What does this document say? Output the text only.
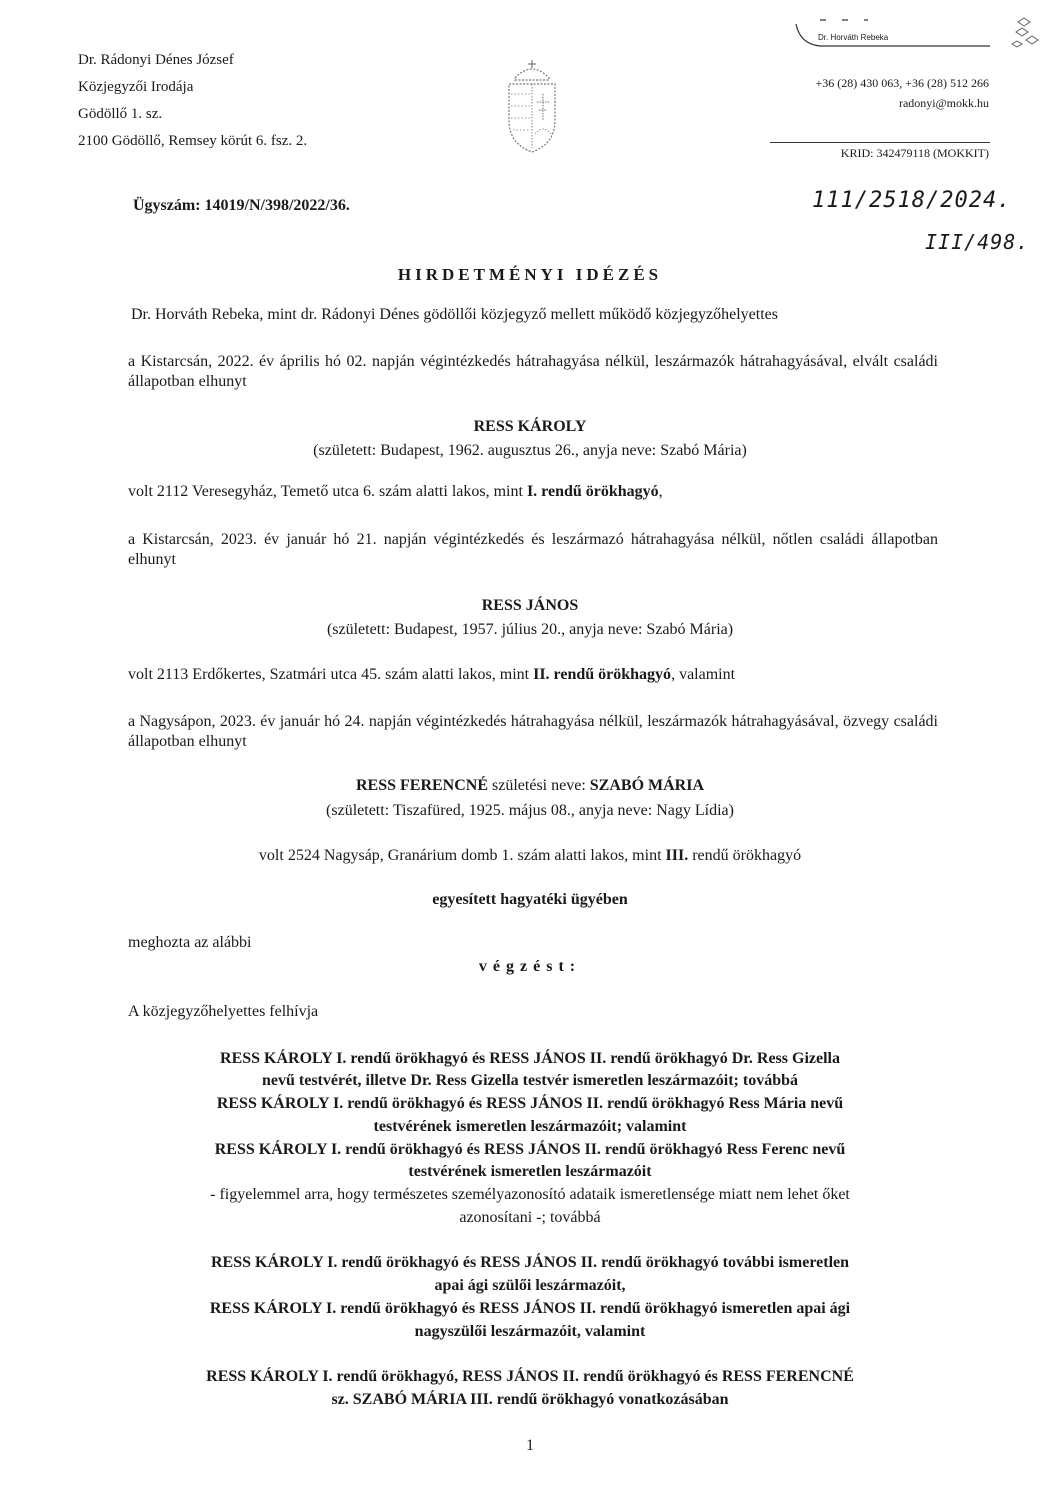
Dr. Rádonyi Dénes József
Közjegyzői Irodája
Gödöllő 1. sz.
2100 Gödöllő, Remsey körút 6. fsz. 2.
Dr. Horváth Rebeka
+36 (28) 430 063, +36 (28) 512 266
radonyi@mokk.hu
KRID: 342479118 (MOKKIT)
Ügyszám: 14019/N/398/2022/36.	111/2518/2024.
III/498.
HIRDETMÉNYI IDÉZÉS
Dr. Horváth Rebeka, mint dr. Rádonyi Dénes gödöllői közjegyző mellett működő közjegyzőhelyettes
a Kistarcsán, 2022. év április hó 02. napján végintézkedés hátrahagyása nélkül, leszármazók hátrahagyásával, elvált családi állapotban elhunyt
RESS KÁROLY
(született: Budapest, 1962. augusztus 26., anyja neve: Szabó Mária)
volt 2112 Veresegyház, Temető utca 6. szám alatti lakos, mint I. rendű örökhagyó,
a Kistarcsán, 2023. év január hó 21. napján végintézkedés és leszármazó hátrahagyása nélkül, nőtlen családi állapotban elhunyt
RESS JÁNOS
(született: Budapest, 1957. július 20., anyja neve: Szabó Mária)
volt 2113 Erdőkertes, Szatmári utca 45. szám alatti lakos, mint II. rendű örökhagyó, valamint
a Nagysápon, 2023. év január hó 24. napján végintézkedés hátrahagyása nélkül, leszármazók hátrahagyásával, özvegy családi állapotban elhunyt
RESS FERENCNÉ születési neve: SZABÓ MÁRIA
(született: Tiszafüred, 1925. május 08., anyja neve: Nagy Lídia)
volt 2524 Nagysáp, Granárium domb 1. szám alatti lakos, mint III. rendű örökhagyó
egyesített hagyatéki ügyében
meghozta az alábbi
végzést:
A közjegyzőhelyettes felhívja
RESS KÁROLY I. rendű örökhagyó és RESS JÁNOS II. rendű örökhagyó Dr. Ress Gizella
nevű testvérét, illetve Dr. Ress Gizella testvér ismeretlen leszármazóit; továbbá
RESS KÁROLY I. rendű örökhagyó és RESS JÁNOS II. rendű örökhagyó Ress Mária nevű
testvérének ismeretlen leszármazóit; valamint
RESS KÁROLY I. rendű örökhagyó és RESS JÁNOS II. rendű örökhagyó Ress Ferenc nevű
testvérének ismeretlen leszármazóit
- figyelemmel arra, hogy természetes személyazonosító adataik ismeretlensége miatt nem lehet őket
azonosítani -; továbbá
RESS KÁROLY I. rendű örökhagyó és RESS JÁNOS II. rendű örökhagyó további ismeretlen
apai ági szülői leszármazóit,
RESS KÁROLY I. rendű örökhagyó és RESS JÁNOS II. rendű örökhagyó ismeretlen apai ági
nagyszülői leszármazóit, valamint
RESS KÁROLY I. rendű örökhagyó, RESS JÁNOS II. rendű örökhagyó és RESS FERENCNÉ
sz. SZABÓ MÁRIA III. rendű örökhagyó vonatkozásában
1
